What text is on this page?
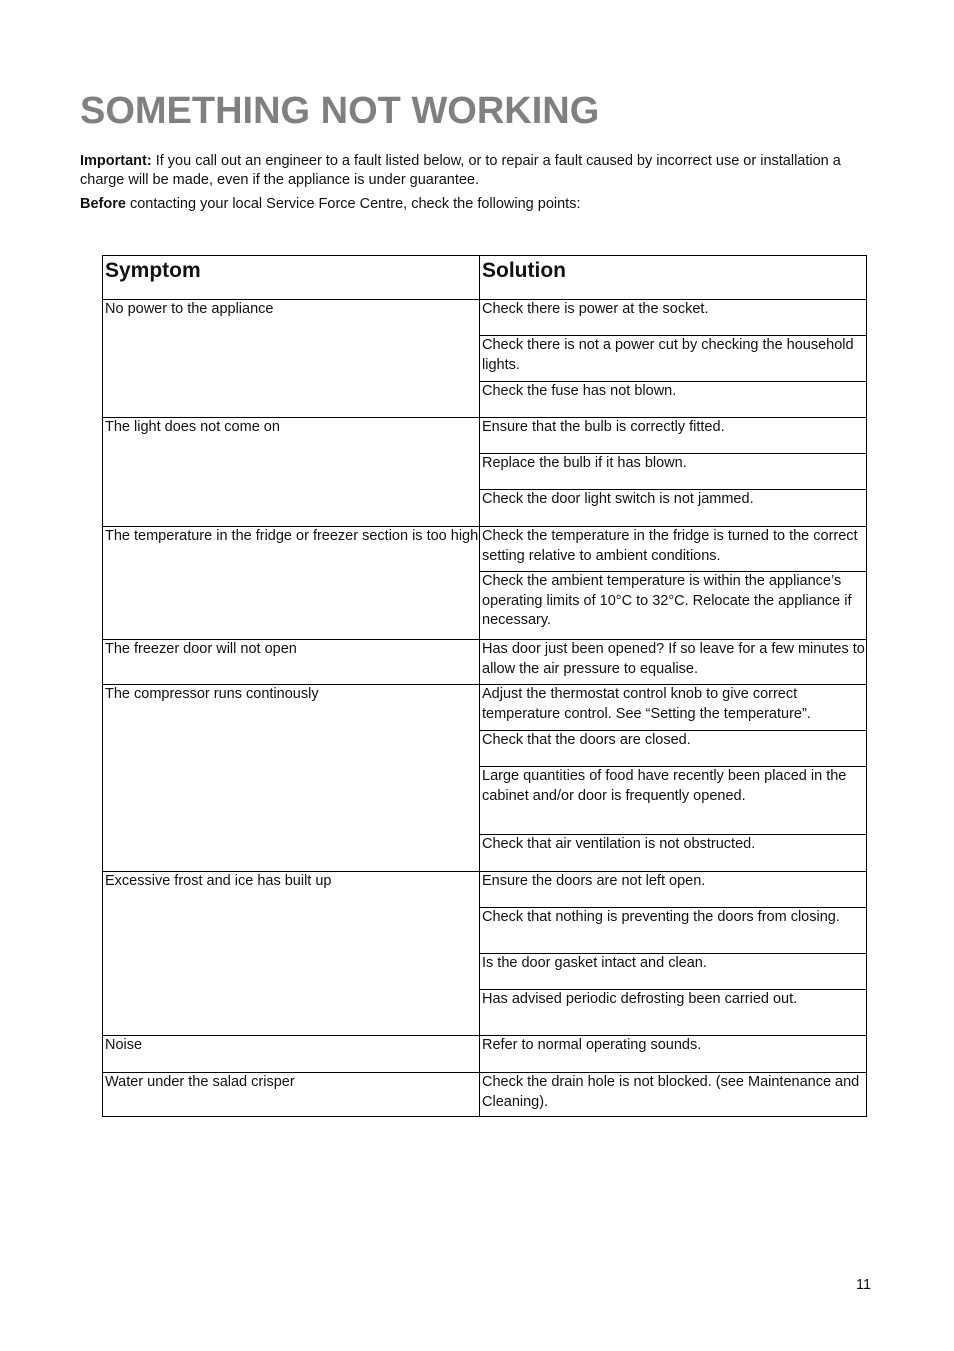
SOMETHING NOT WORKING

Important: If you call out an engineer to a fault listed below, or to repair a fault caused by incorrect use or installation a charge will be made, even if the appliance is under guarantee.

Before contacting your local Service Force Centre, check the following points:

Symptom	Solution
No power to the appliance	Check there is power at the socket.
	Check there is not a power cut by checking the household lights.
	Check the fuse has not blown.
The light does not come on	Ensure that the bulb is correctly fitted.
	Replace the bulb if it has blown.
	Check the door light switch is not jammed.
The temperature in the fridge or freezer section is too high	Check the temperature in the fridge is turned to the correct setting relative to ambient conditions.
	Check the ambient temperature is within the appliance’s operating limits of 10°C to 32°C. Relocate the appliance if necessary.
The freezer door will not open	Has door just been opened? If so leave for a few minutes to allow the air pressure to equalise.
The compressor runs continously	Adjust the thermostat control knob to give correct temperature control. See “Setting the temperature”.
	Check that the doors are closed.
	Large quantities of food have recently been placed in the cabinet and/or door is frequently opened.
	Check that air ventilation is not obstructed.
Excessive frost and ice has built up	Ensure the doors are not left open.
	Check that nothing is preventing the doors from closing.
	Is the door gasket intact and clean.
	Has advised periodic defrosting been carried out.
Noise	Refer to normal operating sounds.
Water under the salad crisper	Check the drain hole is not blocked. (see Maintenance and Cleaning).
11
